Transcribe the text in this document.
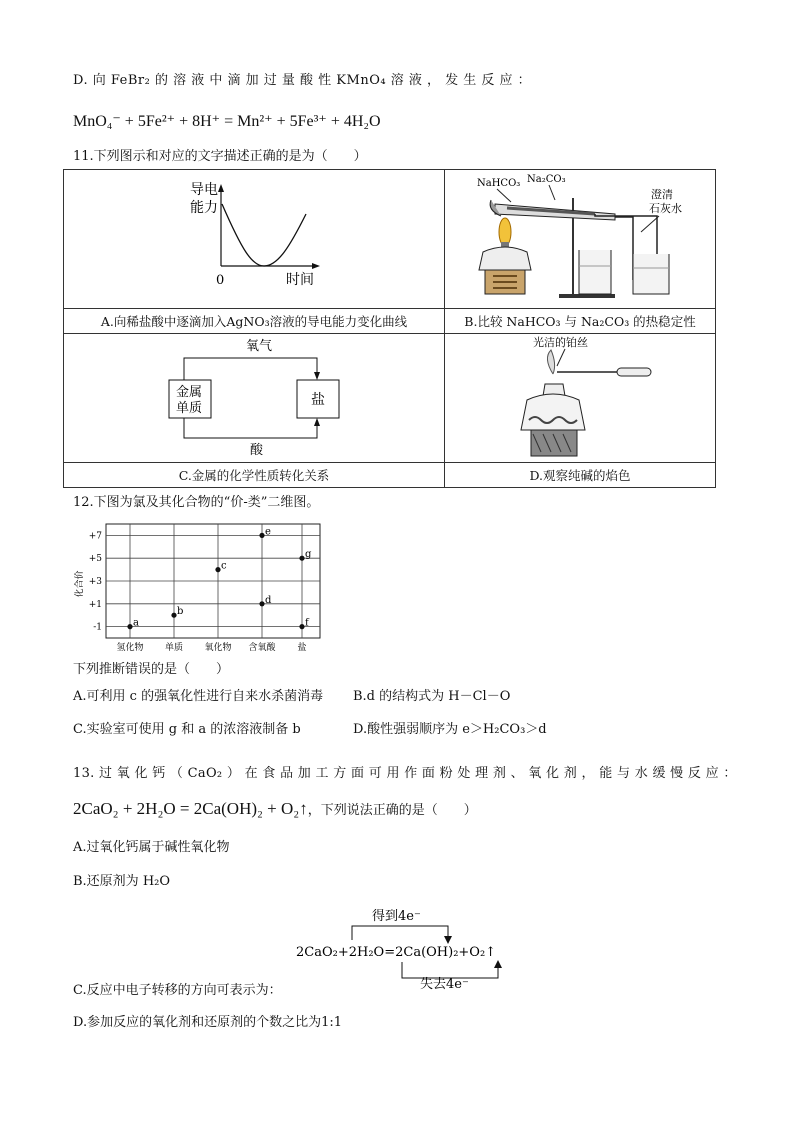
D. 向 FeBr₂ 的 溶 液 中 滴 加 过 量 酸 性 KMnO₄ 溶 液 ， 发 生 反 应 ：
MnO₄⁻ + 5Fe²⁺ + 8H⁺ = Mn²⁺ + 5Fe³⁺ + 4H₂O
11.下列图示和对应的文字描述正确的是为（　　）
导电
能力
0 时间	NaHCO₃ Na₂CO₃
澄清
石灰水

A.向稀盐酸中逐滴加入AgNO₃溶液的导电能力变化曲线	B.比较 NaHCO₃ 与 Na₂CO₃ 的热稳定性

氧气
金属
单质
盐
酸	光洁的铂丝

C.金属的化学性质转化关系	D.观察纯碱的焰色
12.下图为氯及其化合物的“价-类”二维图。
+7
+5
+3
+1
-1
氢化物 单质 氧化物 含氧酸 盐
化合价
a
b
c
d
e
f
g
下列推断错误的是（　　）
A.可利用 c 的强氧化性进行自来水杀菌消毒 B.d 的结构式为 H－Cl－O
C.实验室可使用 g 和 a 的浓溶液制备 b	D.酸性强弱顺序为 e＞H₂CO₃＞d
13. 过 氧 化 钙 （ CaO₂ ） 在 食 品 加 工 方 面 可 用 作 面 粉 处 理 剂 、 氧 化 剂 ， 能 与 水 缓 慢 反 应 ：
2CaO₂ + 2H₂O = 2Ca(OH)₂ + O₂↑，下列说法正确的是（　　）
A.过氧化钙属于碱性氧化物
B.还原剂为 H₂O
得到4e⁻
2CaO₂+2H₂O=2Ca(OH)₂+O₂↑
失去4e⁻
C.反应中电子转移的方向可表示为：
D.参加反应的氧化剂和还原剂的个数之比为1:1
